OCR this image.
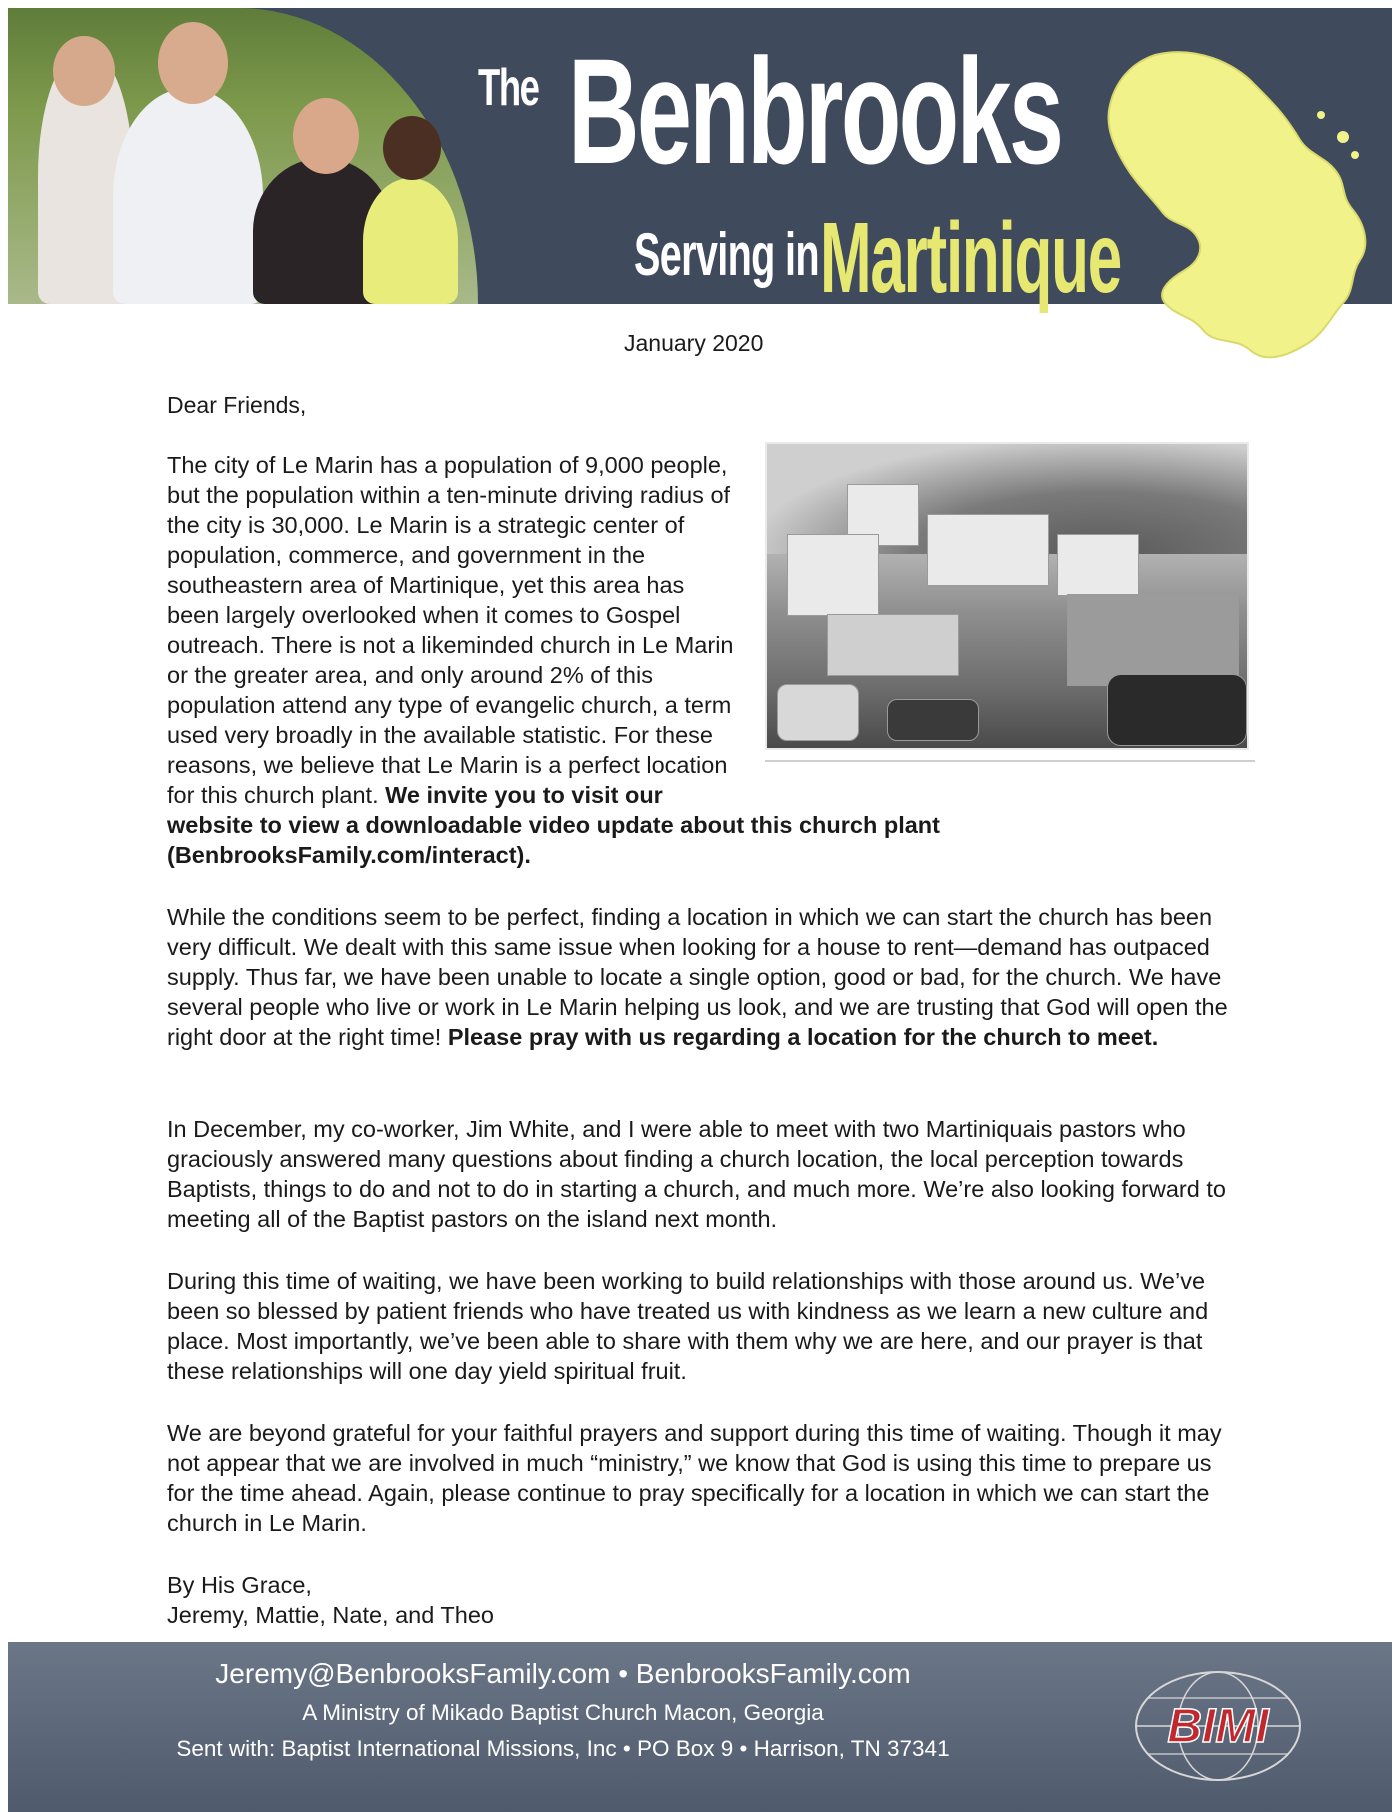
The Benbrooks
Serving in Martinique
January 2020
Dear Friends,

The city of Le Marin has a population of 9,000 people, but the population within a ten-minute driving radius of the city is 30,000. Le Marin is a strategic center of population, commerce, and government in the southeastern area of Martinique, yet this area has been largely overlooked when it comes to Gospel outreach. There is not a likeminded church in Le Marin or the greater area, and only around 2% of this population attend any type of evangelic church, a term used very broadly in the available statistic. For these reasons, we believe that Le Marin is a perfect location for this church plant. We invite you to visit our website to view a downloadable video update about this church plant (BenbrooksFamily.com/interact).

While the conditions seem to be perfect, finding a location in which we can start the church has been very difficult. We dealt with this same issue when looking for a house to rent—demand has outpaced supply. Thus far, we have been unable to locate a single option, good or bad, for the church. We have several people who live or work in Le Marin helping us look, and we are trusting that God will open the right door at the right time! Please pray with us regarding a location for the church to meet.

In December, my co-worker, Jim White, and I were able to meet with two Martiniquais pastors who graciously answered many questions about finding a church location, the local perception towards Baptists, things to do and not to do in starting a church, and much more. We’re also looking forward to meeting all of the Baptist pastors on the island next month.

During this time of waiting, we have been working to build relationships with those around us. We’ve been so blessed by patient friends who have treated us with kindness as we learn a new culture and place. Most importantly, we’ve been able to share with them why we are here, and our prayer is that these relationships will one day yield spiritual fruit.

We are beyond grateful for your faithful prayers and support during this time of waiting. Though it may not appear that we are involved in much “ministry,” we know that God is using this time to prepare us for the time ahead. Again, please continue to pray specifically for a location in which we can start the church in Le Marin.

By His Grace,
Jeremy, Mattie, Nate, and Theo
Jeremy@BenbrooksFamily.com • BenbrooksFamily.com
A Ministry of Mikado Baptist Church Macon, Georgia
Sent with: Baptist International Missions, Inc • PO Box 9 • Harrison, TN 37341	BIMI
